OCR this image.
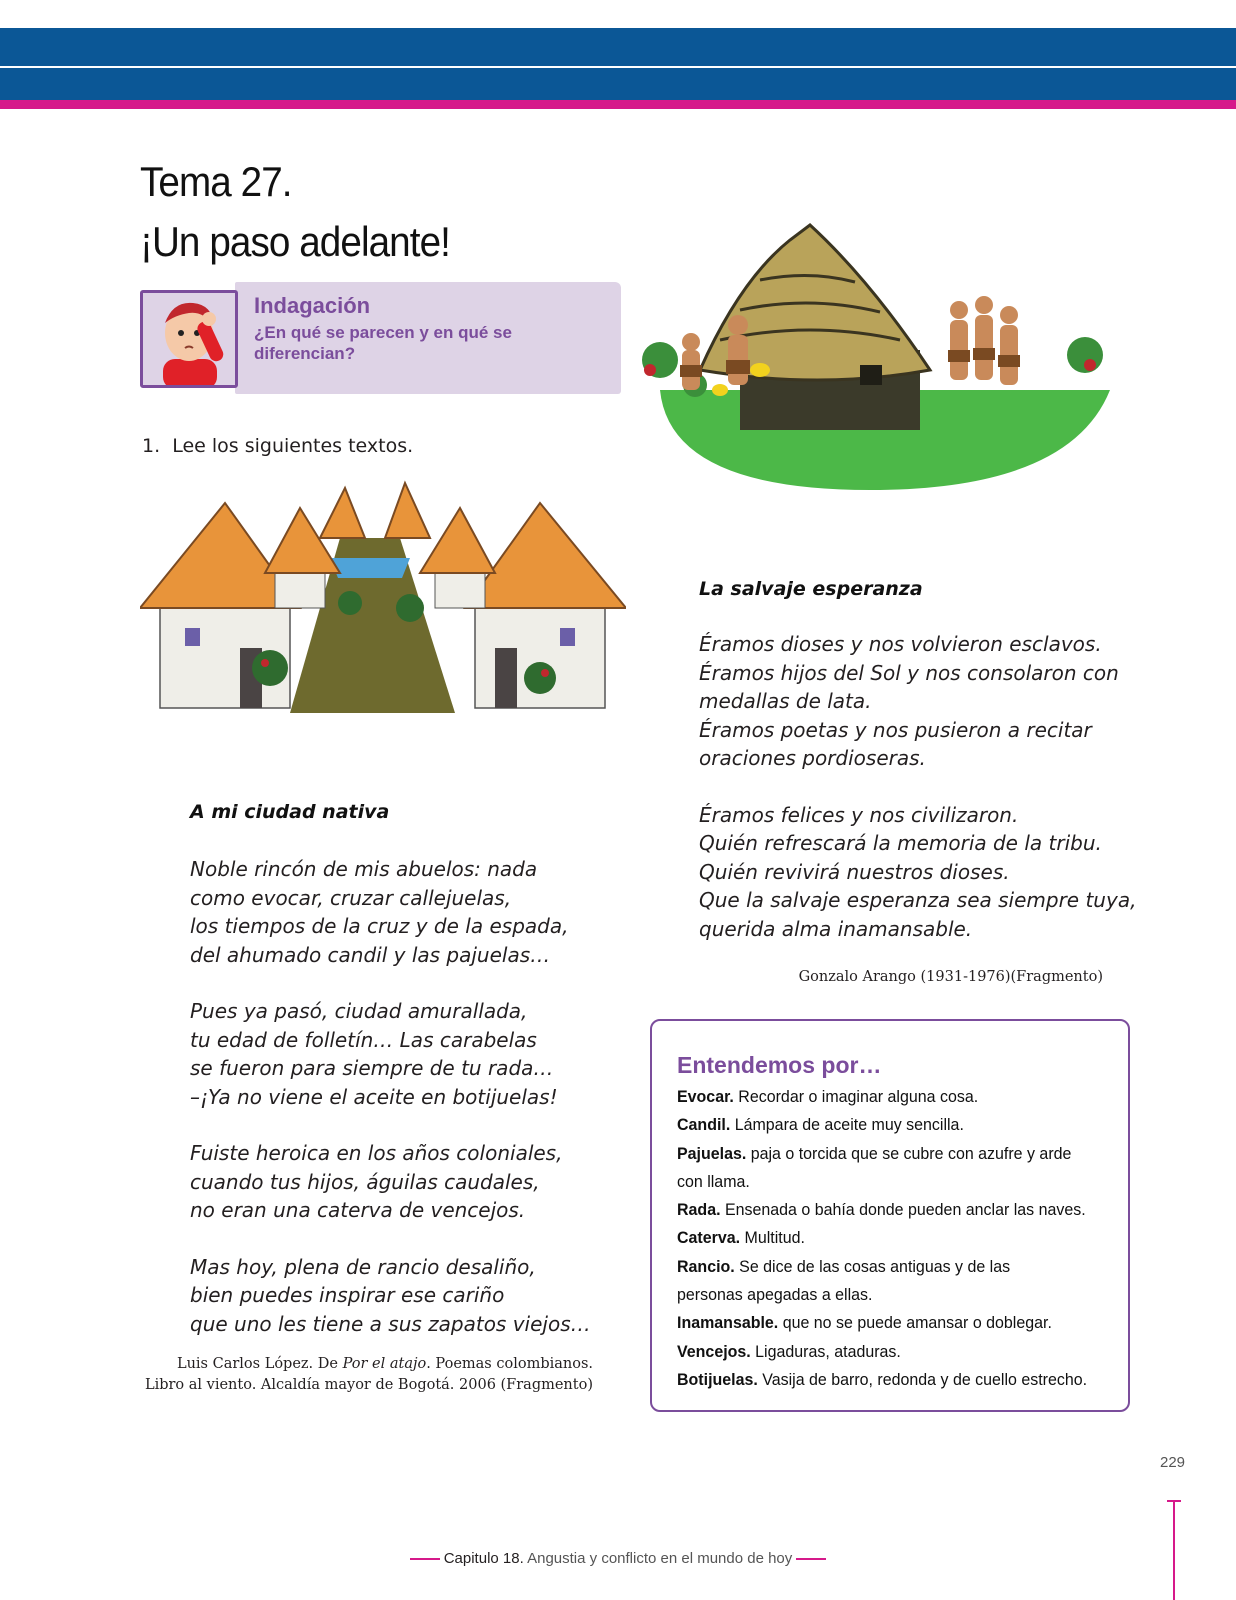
Tema 27.
¡Un paso adelante!
Indagación
¿En qué se parecen y en qué se diferencian?
1.  Lee los siguientes textos.
A mi ciudad nativa
Noble rincón de mis abuelos: nada
como evocar, cruzar callejuelas,
los tiempos de la cruz y de la espada,
del ahumado candil y las pajuelas…
Pues ya pasó, ciudad amurallada,
tu edad de folletín… Las carabelas
se fueron para siempre de tu rada…
–¡Ya no viene el aceite en botijuelas!
Fuiste heroica en los años coloniales,
cuando tus hijos, águilas caudales,
no eran una caterva de vencejos.
Mas hoy, plena de rancio desaliño,
bien puedes inspirar ese cariño
que uno les tiene a sus zapatos viejos…
Luis Carlos López. De Por el atajo. Poemas colombianos.
Libro al viento. Alcaldía mayor de Bogotá. 2006 (Fragmento)
La salvaje esperanza
Éramos dioses y nos volvieron esclavos.
Éramos hijos del Sol y nos consolaron con
medallas de lata.
Éramos poetas y nos pusieron a recitar
oraciones pordioseras.
Éramos felices y nos civilizaron.
Quién refrescará la memoria de la tribu.
Quién revivirá nuestros dioses.
Que la salvaje esperanza sea siempre tuya,
querida alma inamansable.
Gonzalo Arango (1931-1976)(Fragmento)
Entendemos por…
Evocar. Recordar o imaginar alguna cosa.
Candil. Lámpara de aceite muy sencilla.
Pajuelas. paja o torcida que se cubre con azufre y arde
con llama.
Rada. Ensenada o bahía donde pueden anclar las naves.
Caterva. Multitud.
Rancio. Se dice de las cosas antiguas y de las
personas apegadas a ellas.
Inamansable. que no se puede amansar o doblegar.
Vencejos. Ligaduras, ataduras.
Botijuelas. Vasija de barro, redonda y de cuello estrecho.
229
Capitulo 18. Angustia y conflicto en el mundo de hoy
